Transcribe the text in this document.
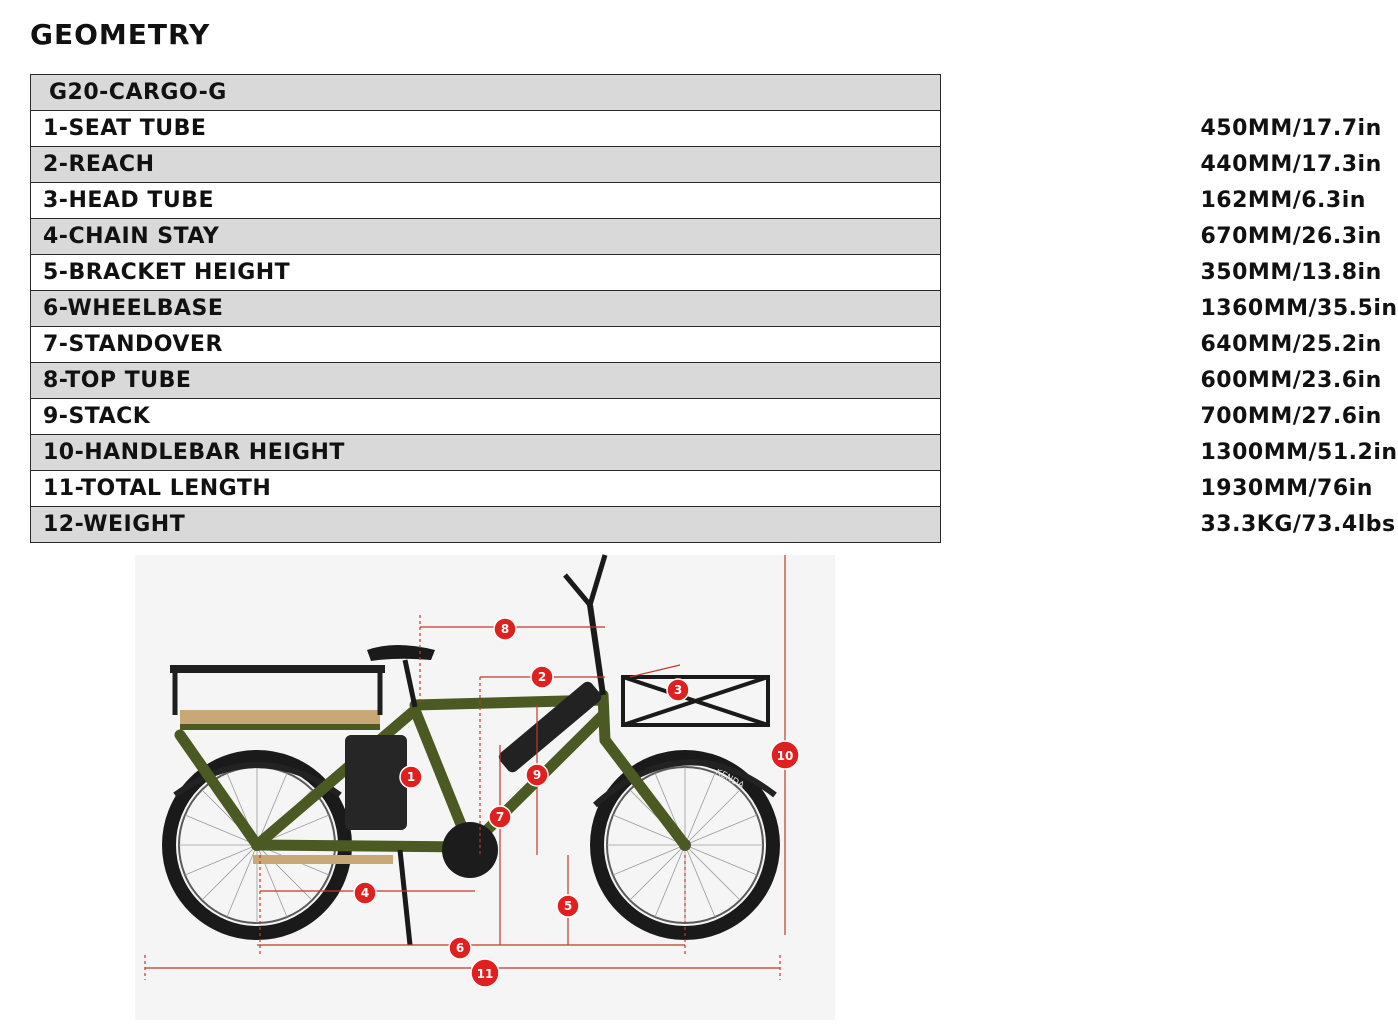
GEOMETRY
G20-CARGO-G	
1-SEAT TUBE	450MM/17.7in
2-REACH	440MM/17.3in
3-HEAD TUBE	162MM/6.3in
4-CHAIN STAY	670MM/26.3in
5-BRACKET HEIGHT	350MM/13.8in
6-WHEELBASE	1360MM/35.5in
7-STANDOVER	640MM/25.2in
8-TOP TUBE	600MM/23.6in
9-STACK	700MM/27.6in
10-HANDLEBAR HEIGHT	1300MM/51.2in
11-TOTAL LENGTH	1930MM/76in
12-WEIGHT	33.3KG/73.4lbs
KENDA
1
2
3
4
5
6
7
8
9
10
11
